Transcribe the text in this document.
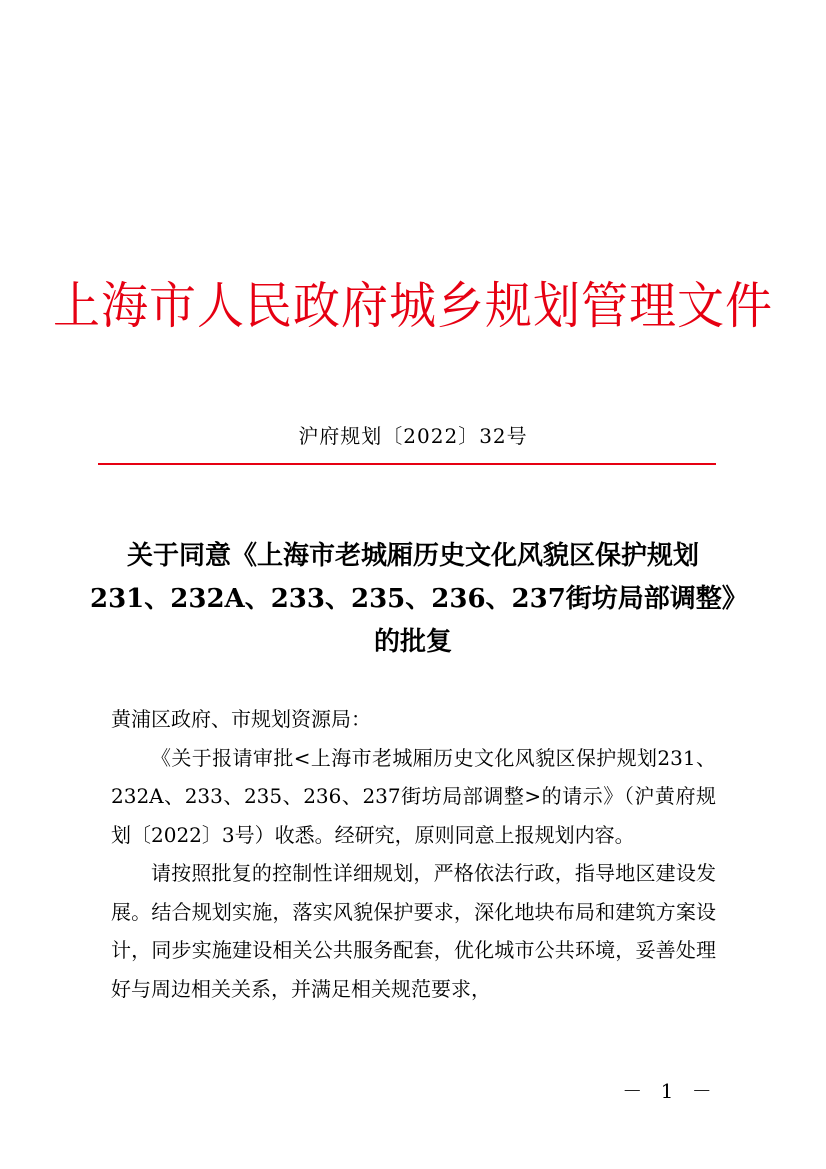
上海市人民政府城乡规划管理文件
沪府规划〔2022〕32号
关于同意《上海市老城厢历史文化风貌区保护规划
231、232A、233、235、236、237街坊局部调整》
的批复
黄浦区政府、市规划资源局：
《关于报请审批<上海市老城厢历史文化风貌区保护规划231、232A、233、235、236、237街坊局部调整>的请示》（沪黄府规划〔2022〕3号）收悉。经研究，原则同意上报规划内容。
请按照批复的控制性详细规划，严格依法行政，指导地区建设发展。结合规划实施，落实风貌保护要求，深化地块布局和建筑方案设计，同步实施建设相关公共服务配套，优化城市公共环境，妥善处理好与周边相关关系，并满足相关规范要求，
－ 1 －
